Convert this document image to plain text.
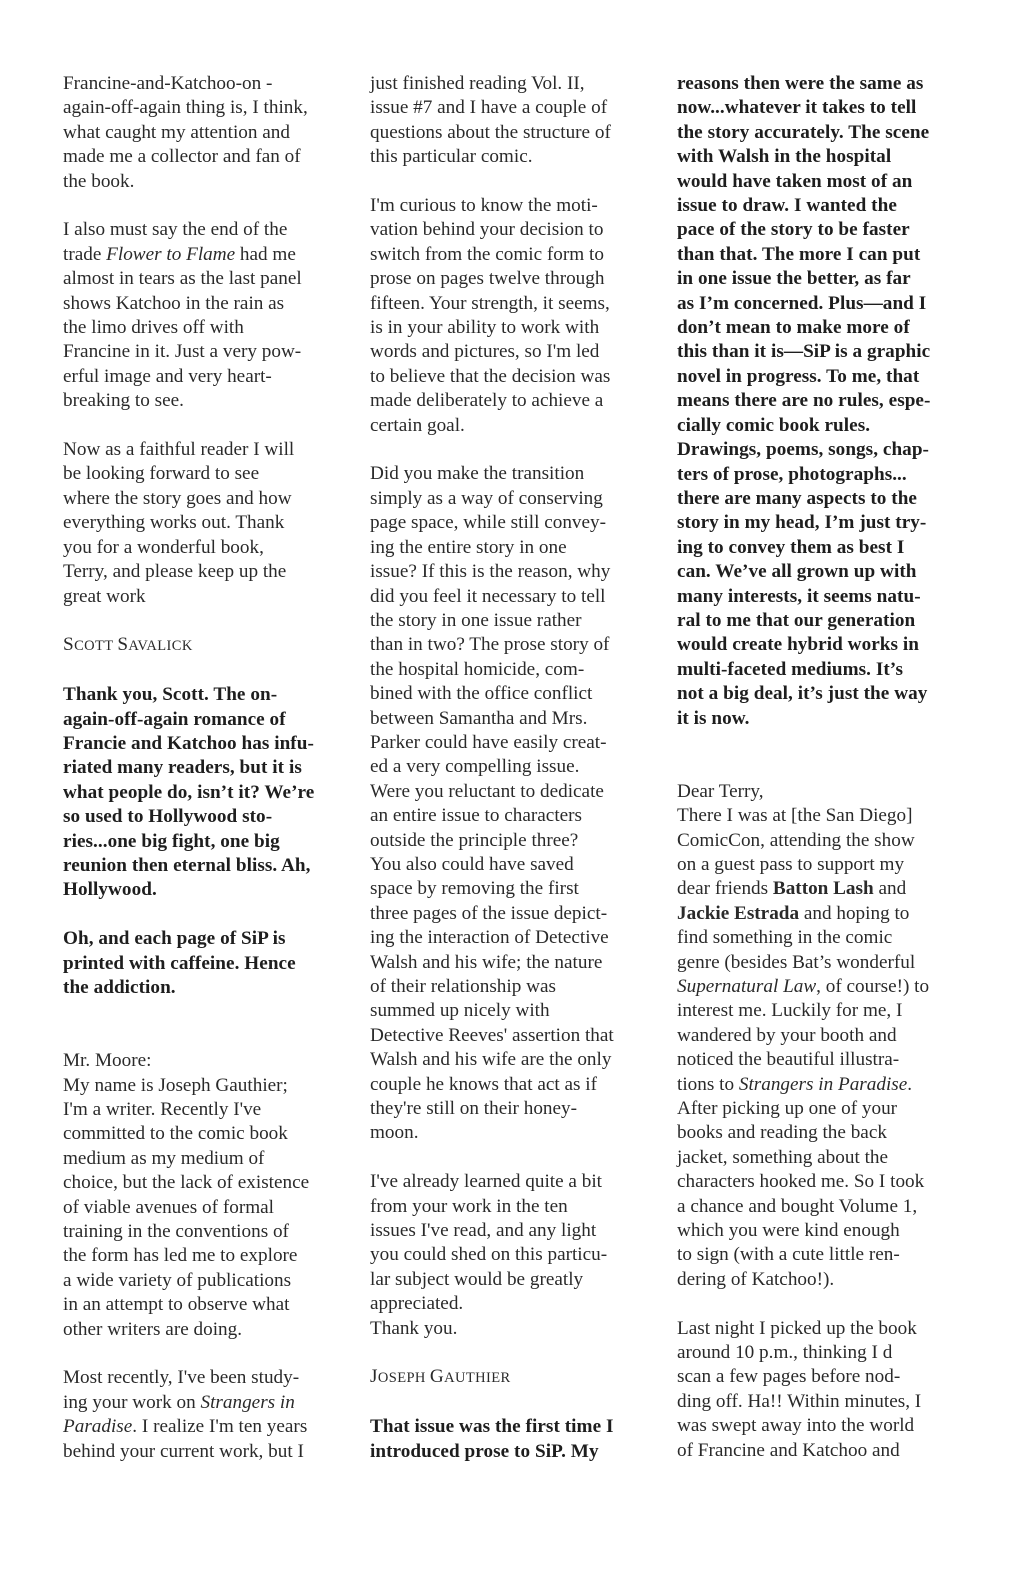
Francine-and-Katchoo-on -
again-off-again thing is, I think,
what caught my attention and
made me a collector and fan of
the book.

I also must say the end of the
trade Flower to Flame had me
almost in tears as the last panel
shows Katchoo in the rain as
the limo drives off with
Francine in it. Just a very pow-
erful image and very heart-
breaking to see.

Now as a faithful reader I will
be looking forward to see
where the story goes and how
everything works out. Thank
you for a wonderful book,
Terry, and please keep up the
great work

SCOTT SAVALICK

Thank you, Scott. The on-
again-off-again romance of
Francie and Katchoo has infu-
riated many readers, but it is
what people do, isn’t it? We’re
so used to Hollywood sto-
ries...one big fight, one big
reunion then eternal bliss. Ah,
Hollywood.

Oh, and each page of SiP is
printed with caffeine. Hence
the addiction.

Mr. Moore:

My name is Joseph Gauthier;
I'm a writer. Recently I've
committed to the comic book
medium as my medium of
choice, but the lack of existence
of viable avenues of formal
training in the conventions of
the form has led me to explore
a wide variety of publications
in an attempt to observe what
other writers are doing.

Most recently, I've been study-
ing your work on Strangers in
Paradise. I realize I'm ten years
behind your current work, but I

just finished reading Vol. II,
issue #7 and I have a couple of
questions about the structure of
this particular comic.

I'm curious to know the moti-
vation behind your decision to
switch from the comic form to
prose on pages twelve through
fifteen. Your strength, it seems,
is in your ability to work with
words and pictures, so I'm led
to believe that the decision was
made deliberately to achieve a
certain goal.

Did you make the transition
simply as a way of conserving
page space, while still convey-
ing the entire story in one
issue? If this is the reason, why
did you feel it necessary to tell
the story in one issue rather
than in two? The prose story of
the hospital homicide, com-
bined with the office conflict
between Samantha and Mrs.
Parker could have easily creat-
ed a very compelling issue.
Were you reluctant to dedicate
an entire issue to characters
outside the principle three?
You also could have saved
space by removing the first
three pages of the issue depict-
ing the interaction of Detective
Walsh and his wife; the nature
of their relationship was
summed up nicely with
Detective Reeves' assertion that
Walsh and his wife are the only
couple he knows that act as if
they're still on their honey-
moon.

I've already learned quite a bit
from your work in the ten
issues I've read, and any light
you could shed on this particu-
lar subject would be greatly
appreciated.
Thank you.

JOSEPH GAUTHIER

That issue was the first time I
introduced prose to SiP. My

reasons then were the same as
now...whatever it takes to tell
the story accurately. The scene
with Walsh in the hospital
would have taken most of an
issue to draw. I wanted the
pace of the story to be faster
than that. The more I can put
in one issue the better, as far
as I’m concerned. Plus—and I
don’t mean to make more of
this than it is—SiP is a graphic
novel in progress. To me, that
means there are no rules, espe-
cially comic book rules.
Drawings, poems, songs, chap-
ters of prose, photographs...
there are many aspects to the
story in my head, I’m just try-
ing to convey them as best I
can. We’ve all grown up with
many interests, it seems natu-
ral to me that our generation
would create hybrid works in
multi-faceted mediums. It’s
not a big deal, it’s just the way
it is now.

Dear Terry,

There I was at [the San Diego]
ComicCon, attending the show
on a guest pass to support my
dear friends Batton Lash and
Jackie Estrada and hoping to
find something in the comic
genre (besides Bat’s wonderful
Supernatural Law, of course!) to
interest me. Luckily for me, I
wandered by your booth and
noticed the beautiful illustra-
tions to Strangers in Paradise.
After picking up one of your
books and reading the back
jacket, something about the
characters hooked me. So I took
a chance and bought Volume 1,
which you were kind enough
to sign (with a cute little ren-
dering of Katchoo!).

Last night I picked up the book
around 10 p.m., thinking I d
scan a few pages before nod-
ding off. Ha!! Within minutes, I
was swept away into the world
of Francine and Katchoo and
